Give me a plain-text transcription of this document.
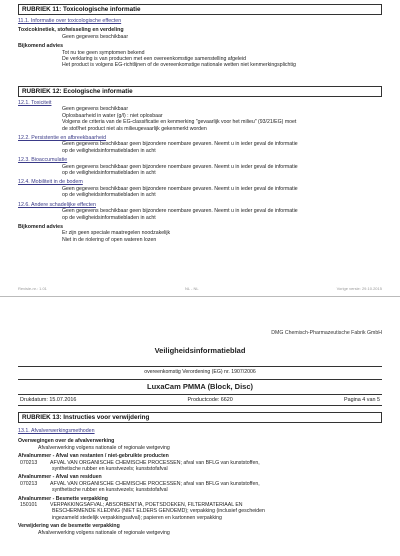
RUBRIEK 11: Toxicologische informatie
11.1. Informatie over toxicologische effecten
Toxicokinetiek, stofwisseling en verdeling
Geen gegevens beschikbaar
Bijkomend advies
Tot nu toe geen symptomen bekend
De verklaring is van producten met een overeenkomstige samenstelling afgeleid
Het product is volgens EG-richtlijnen of de overeenkomstige nationale wetten niet kenmerkingsplichtig
RUBRIEK 12: Ecologische informatie
12.1. Toxiciteit
Geen gegevens beschikbaar
Oplosbaarheid in water (g/l) : niet oplosbaar
Volgens de criteria van de EG-classificatie en kenmerking "gevaarlijk voor het milieu" (93/21/EG) moet
de stof/het product niet als milieugevaarlijk gekenmerkt worden
12.2. Persistentie en afbreekbaarheid
Geen gegevens beschikbaar geen bijzondere noembare gevaren. Neemt u in ieder geval de informatie
op de veiligheidsinformatiebladen in acht
12.3. Bioaccumulatie
Geen gegevens beschikbaar geen bijzondere noembare gevaren. Neemt u in ieder geval de informatie
op de veiligheidsinformatiebladen in acht
12.4. Mobiliteit in de bodem
Geen gegevens beschikbaar geen bijzondere noembare gevaren. Neemt u in ieder geval de informatie
op de veiligheidsinformatiebladen in acht
12.6. Andere schadelijke effecten
Geen gegevens beschikbaar geen bijzondere noembare gevaren. Neemt u in ieder geval de informatie
op de veiligheidsinformatiebladen in acht
Bijkomend advies
Er zijn geen speciale maatregelen noodzakelijk
Niet in de riolering of open wateren lozen
Revisie-nr.: 1.01	NL - NL	Vorige versie: 29.10.2015
DMG Chemisch-Pharmazeutische Fabrik GmbH
Veiligheidsinformatieblad
overeenkomstig Verordening (EG) nr. 1907/2006
LuxaCam PMMA (Block, Disc)
Drukdatum: 15.07.2016	Productcode: 6620	Pagina 4 van 5
RUBRIEK 13: Instructies voor verwijdering
13.1. Afvalverwerkingsmethoden
Overwegingen over de afvalverwerking
Afvalverwerking volgens nationale of regionale wetgeving
Afvalnummer - Afval van restanten / niet-gebruikte producten
070213	AFVAL VAN ORGANISCHE CHEMISCHE PROCESSEN; afval van BFLG van kunststoffen,
synthetische rubber en kunstvezels; kunststofafval
Afvalnummer - Afval van residuen
070213	AFVAL VAN ORGANISCHE CHEMISCHE PROCESSEN; afval van BFLG van kunststoffen,
synthetische rubber en kunstvezels; kunststofafval
Afvalnummer - Besmette verpakking
150101	VERPAKKINGSAFVAL; ABSORBENTIA, POETSDOEKEN, FILTERMATERIAAL EN
BESCHERMENDE KLEDING (NIET ELDERS GENOEMD); verpakking (inclusief gescheiden
ingezameld stedelijk verpakkingsafval); papieren en kartonnen verpakking
Verwijdering van de besmette verpakking
Afvalverwerking volgens nationale of regionale wetgeving
